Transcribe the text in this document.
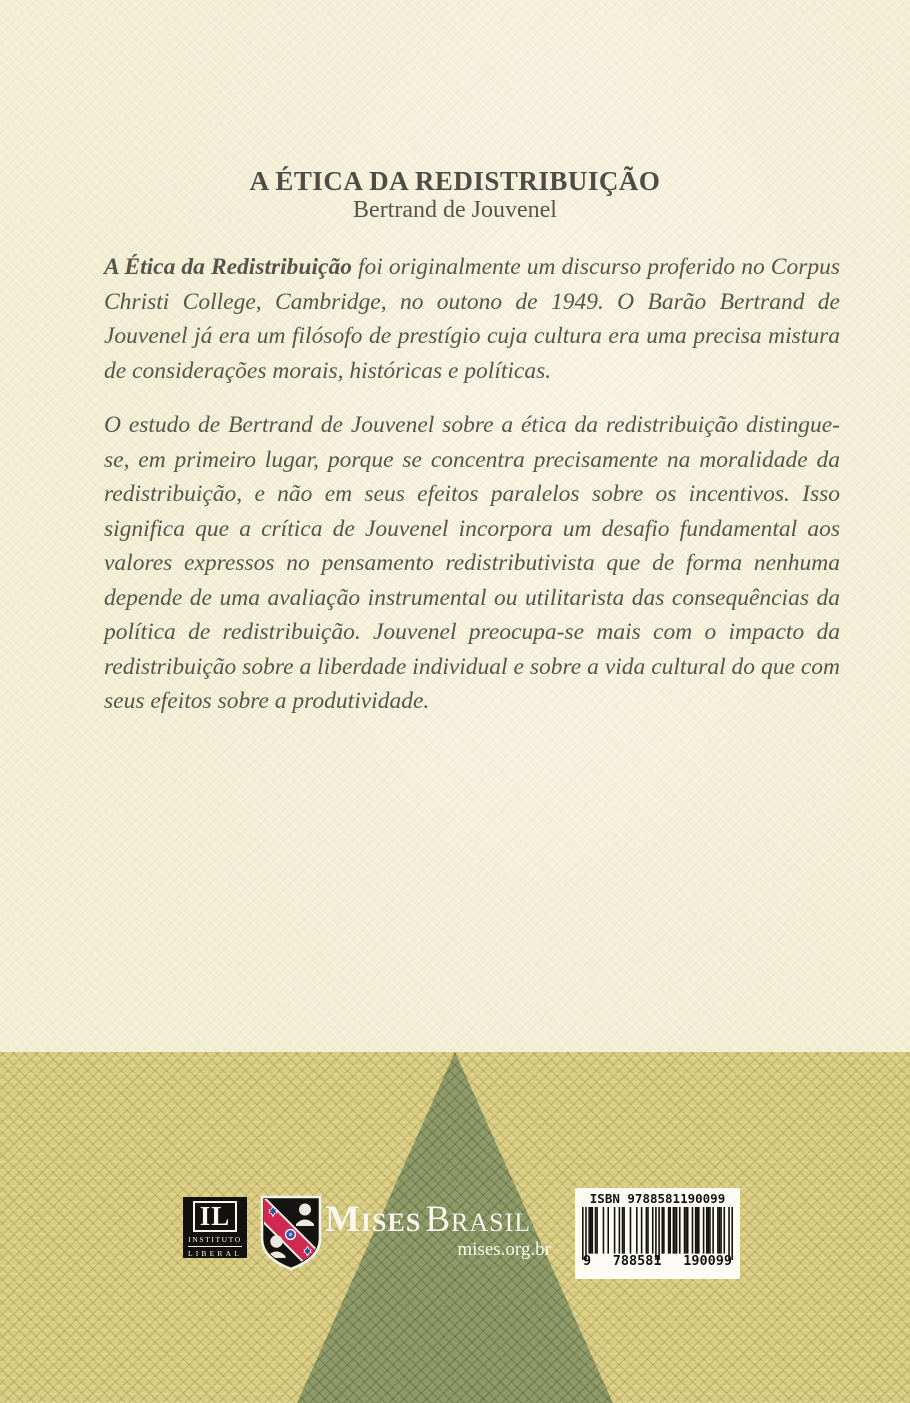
A ÉTICA DA REDISTRIBUIÇÃO
Bertrand de Jouvenel

A Ética da Redistribuição foi originalmente um discurso proferido no Corpus Christi College, Cambridge, no outono de 1949. O Barão Bertrand de Jouvenel já era um filósofo de prestígio cuja cultura era uma precisa mistura de considerações morais, históricas e políticas.

O estudo de Bertrand de Jouvenel sobre a ética da redistribuição distingue-se, em primeiro lugar, porque se concentra precisamente na moralidade da redistribuição, e não em seus efeitos paralelos sobre os incentivos. Isso significa que a crítica de Jouvenel incorpora um desafio fundamental aos valores expressos no pensamento redistributivista que de forma nenhuma depende de uma avaliação instrumental ou utilitarista das consequências da política de redistribuição. Jouvenel preocupa-se mais com o impacto da redistribuição sobre a liberdade individual e sobre a vida cultural do que com seus efeitos sobre a produtividade.

IL
INSTITUTO
LIBERAL
Mises Brasil
mises.org.br
ISBN 9788581190099
9 788581 190099
